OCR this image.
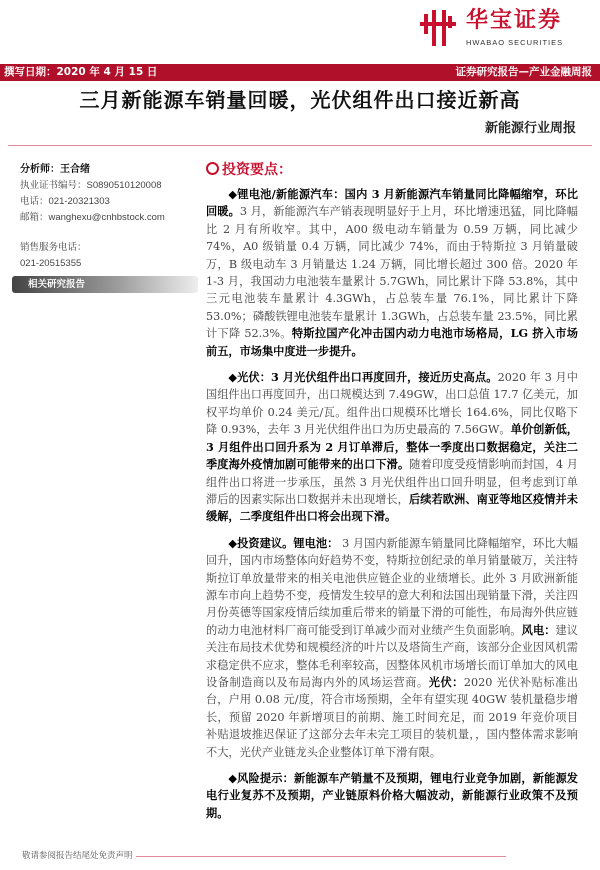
华宝证券
HWABAO SECURITIES
撰写日期：2020 年 4 月 15 日	证券研究报告—产业金融周报
三月新能源车销量回暖，光伏组件出口接近新高
新能源行业周报
分析师：王合绪
执业证书编号：S0890510120008
电话：021-20321303
邮箱：wanghexu@cnhbstock.com
销售服务电话：
021-20515355
相关研究报告
投资要点：

◆锂电池/新能源汽车：国内 3 月新能源汽车销量同比降幅缩窄，环比回暖。3 月，新能源汽车产销表现明显好于上月，环比增速迅猛，同比降幅比 2 月有所收窄。其中，A00 级电动车销量为 0.59 万辆，同比减少 74%，A0 级销量 0.4 万辆，同比减少 74%，而由于特斯拉 3 月销量破万，B 级电动车 3 月销量达 1.24 万辆，同比增长超过 300 倍。2020 年 1-3 月，我国动力电池装车量累计 5.7GWh，同比累计下降 53.8%，其中三元电池装车量累计 4.3GWh，占总装车量 76.1%，同比累计下降 53.0%；磷酸铁锂电池装车量累计 1.3GWh，占总装车量 23.5%，同比累计下降 52.3%。特斯拉国产化冲击国内动力电池市场格局，LG 挤入市场前五，市场集中度进一步提升。

◆光伏：3 月光伏组件出口再度回升，接近历史高点。2020 年 3 月中国组件出口再度回升，出口规模达到 7.49GW，出口总值 17.7 亿美元，加权平均单价 0.24 美元/瓦。组件出口规模环比增长 164.6%，同比仅略下降 0.93%，去年 3 月光伏组件出口为历史最高的 7.56GW。单价创新低，3 月组件出口回升系为 2 月订单滞后，整体一季度出口数据稳定，关注二季度海外疫情加剧可能带来的出口下滑。随着印度受疫情影响而封国，4 月组件出口将进一步承压，虽然 3 月光伏组件出口回升明显，但考虑到订单滞后的因素实际出口数据并未出现增长，后续若欧洲、南亚等地区疫情并未缓解，二季度组件出口将会出现下滑。

◆投资建议。锂电池： 3 月国内新能源车销量同比降幅缩窄，环比大幅回升，国内市场整体向好趋势不变，特斯拉创纪录的单月销量破万，关注特斯拉订单放量带来的相关电池供应链企业的业绩增长。此外 3 月欧洲新能源车市向上趋势不变，疫情发生较早的意大利和法国出现销量下滑，关注四月份英德等国家疫情后续加重后带来的销量下滑的可能性，布局海外供应链的动力电池材料厂商可能受到订单减少而对业绩产生负面影响。风电：建议关注布局技术优势和规模经济的叶片以及塔筒生产商，该部分企业因风机需求稳定供不应求，整体毛利率较高，因整体风机市场增长而订单加大的风电设备制造商以及布局海内外的风场运营商。光伏：2020 光伏补贴标准出台，户用 0.08 元/度，符合市场预期，全年有望实现 40GW 装机量稳步增长，预留 2020 年新增项目的前期、施工时间充足，而 2019 年竞价项目补贴退坡推迟保证了这部分去年未完工项目的装机量，，国内整体需求影响不大，光伏产业链龙头企业整体订单下滑有限。

◆风险提示：新能源车产销量不及预期，锂电行业竞争加剧，新能源发电行业复苏不及预期，产业链原料价格大幅波动，新能源行业政策不及预期。

敬请参阅报告结尾处免责声明
